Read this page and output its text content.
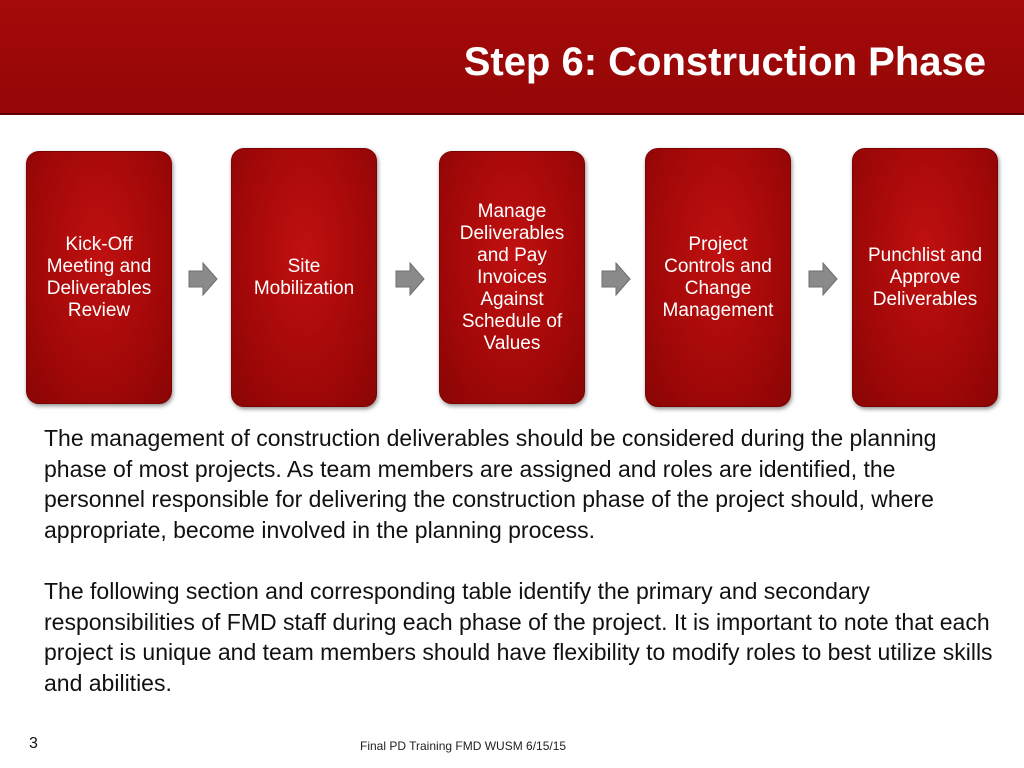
Step 6: Construction Phase
Kick-Off Meeting and Deliverables Review
Site Mobilization
Manage Deliverables and Pay Invoices Against Schedule of Values
Project Controls and Change Management
Punchlist and Approve Deliverables

The management of construction deliverables should be considered during the planning phase of most projects. As team members are assigned and roles are identified, the personnel responsible for delivering the construction phase of the project should, where appropriate, become involved in the planning process.

The following section and corresponding table identify the primary and secondary responsibilities of FMD staff during each phase of the project. It is important to note that each project is unique and team members should have flexibility to modify roles to best utilize skills and abilities.

3	Final PD Training FMD WUSM 6/15/15
